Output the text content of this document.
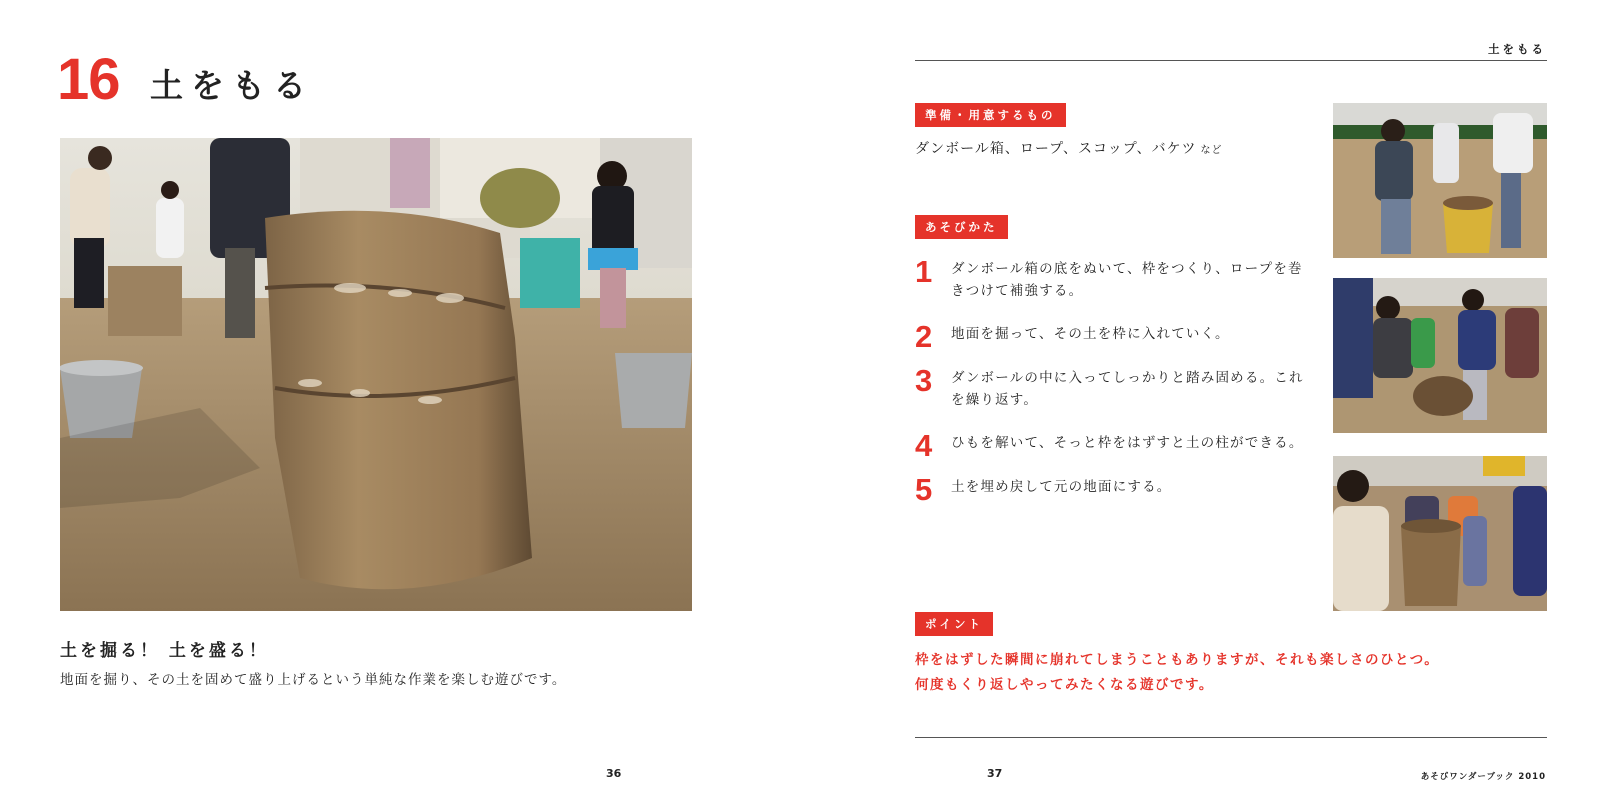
16 土をもる
土を掘る！ 土を盛る！
地面を掘り、その土を固めて盛り上げるという単純な作業を楽しむ遊びです。
36
土をもる
準備・用意するもの
ダンボール箱、ロープ、スコップ、バケツ など
あそびかた
1 ダンボール箱の底をぬいて、枠をつくり、ロープを巻きつけて補強する。
2 地面を掘って、その土を枠に入れていく。
3 ダンボールの中に入ってしっかりと踏み固める。これを繰り返す。
4 ひもを解いて、そっと枠をはずすと土の柱ができる。
5 土を埋め戻して元の地面にする。
ポイント
枠をはずした瞬間に崩れてしまうこともありますが、それも楽しさのひとつ。
何度もくり返しやってみたくなる遊びです。
37	あそびワンダーブック 2010
